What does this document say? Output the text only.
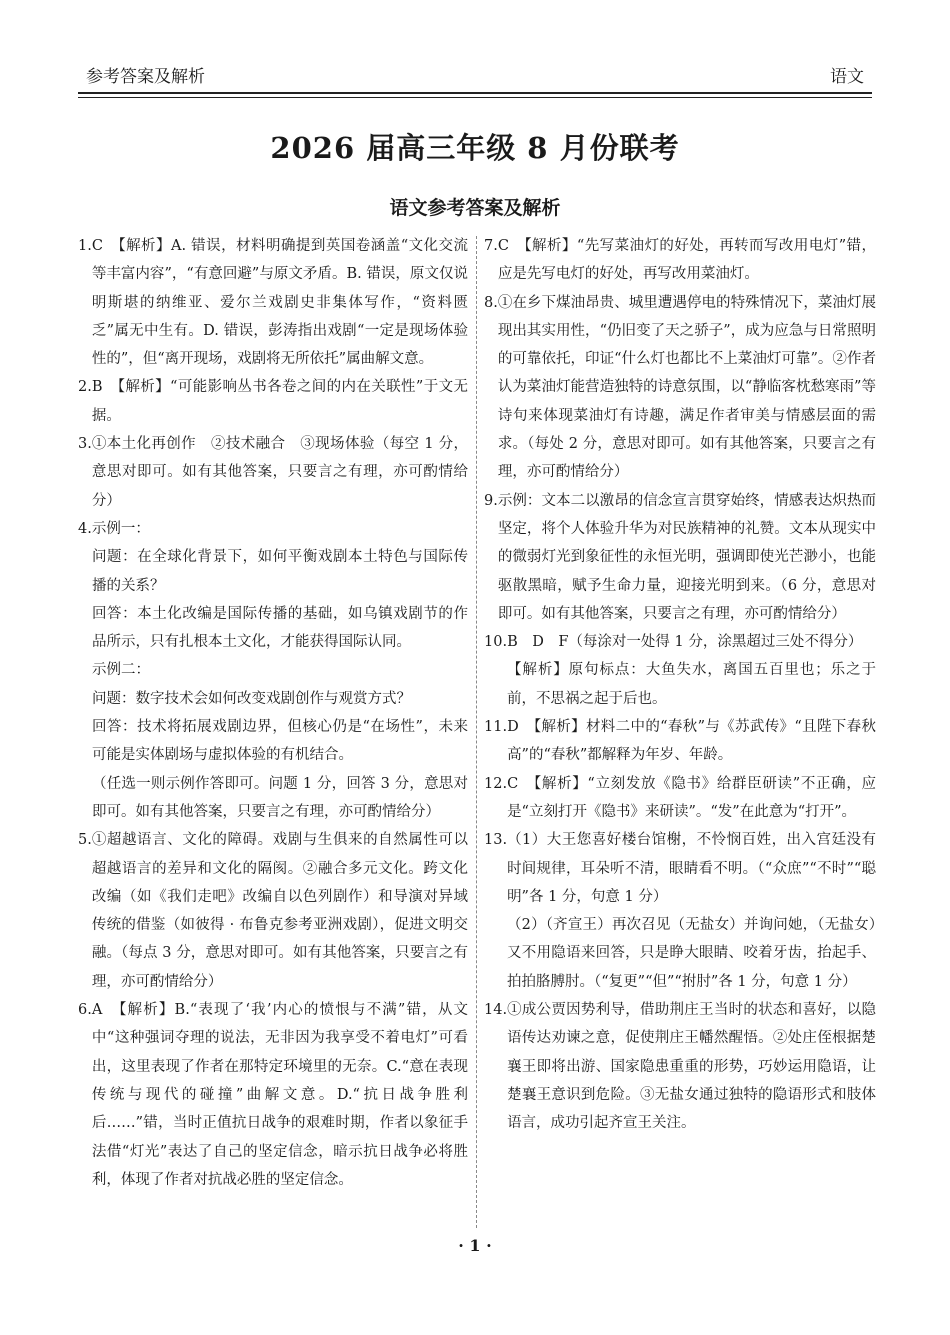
参考答案及解析	语文
2026 届高三年级 8 月份联考
语文参考答案及解析
1. C　【解析】A. 错误，材料明确提到英国卷涵盖“文化交流等丰富内容”，“有意回避”与原文矛盾。B. 错误，原文仅说明斯堪的纳维亚、爱尔兰戏剧史非集体写作，“资料匮乏”属无中生有。D. 错误，彭涛指出戏剧“一定是现场体验性的”，但“离开现场，戏剧将无所依托”属曲解文意。
2. B　【解析】“可能影响丛书各卷之间的内在关联性”于文无据。
3. ①本土化再创作　②技术融合　③现场体验（每空 1 分，意思对即可。如有其他答案，只要言之有理，亦可酌情给分）
4. 示例一：
问题：在全球化背景下，如何平衡戏剧本土特色与国际传播的关系？
回答：本土化改编是国际传播的基础，如乌镇戏剧节的作品所示，只有扎根本土文化，才能获得国际认同。
示例二：
问题：数字技术会如何改变戏剧创作与观赏方式？
回答：技术将拓展戏剧边界，但核心仍是“在场性”，未来可能是实体剧场与虚拟体验的有机结合。
（任选一则示例作答即可。问题 1 分，回答 3 分，意思对即可。如有其他答案，只要言之有理，亦可酌情给分）
5. ①超越语言、文化的障碍。戏剧与生俱来的自然属性可以超越语言的差异和文化的隔阂。②融合多元文化。跨文化改编（如《我们走吧》改编自以色列剧作）和导演对异域传统的借鉴（如彼得 · 布鲁克参考亚洲戏剧），促进文明交融。（每点 3 分，意思对即可。如有其他答案，只要言之有理，亦可酌情给分）
6. A　【解析】B.“表现了‘我’内心的愤恨与不满”错，从文中“这种强词夺理的说法，无非因为我享受不着电灯”可看出，这里表现了作者在那特定环境里的无奈。C.“意在表现传统与现代的碰撞”曲解文意。D.“抗日战争胜利后……”错，当时正值抗日战争的艰难时期，作者以象征手法借“灯光”表达了自己的坚定信念，暗示抗日战争必将胜利，体现了作者对抗战必胜的坚定信念。
7. C　【解析】“先写菜油灯的好处，再转而写改用电灯”错，应是先写电灯的好处，再写改用菜油灯。
8. ①在乡下煤油昂贵、城里遭遇停电的特殊情况下，菜油灯展现出其实用性，“仍旧变了天之骄子”，成为应急与日常照明的可靠依托，印证“什么灯也都比不上菜油灯可靠”。②作者认为菜油灯能营造独特的诗意氛围，以“静临客枕愁寒雨”等诗句来体现菜油灯有诗趣，满足作者审美与情感层面的需求。（每处 2 分，意思对即可。如有其他答案，只要言之有理，亦可酌情给分）
9. 示例：文本二以激昂的信念宣言贯穿始终，情感表达炽热而坚定，将个人体验升华为对民族精神的礼赞。文本从现实中的微弱灯光到象征性的永恒光明，强调即使光芒渺小，也能驱散黑暗，赋予生命力量，迎接光明到来。（6 分，意思对即可。如有其他答案，只要言之有理，亦可酌情给分）
10. B　D　F（每涂对一处得 1 分，涂黑超过三处不得分）
【解析】原句标点：大鱼失水，离国五百里也；乐之于前，不思祸之起于后也。
11. D　【解析】材料二中的“春秋”与《苏武传》“且陛下春秋高”的“春秋”都解释为年岁、年龄。
12. C　【解析】“立刻发放《隐书》给群臣研读”不正确，应是“立刻打开《隐书》来研读”。“发”在此意为“打开”。
13. （1）大王您喜好楼台馆榭，不怜悯百姓，出入宫廷没有时间规律，耳朵听不清，眼睛看不明。（“众庶”“不时”“聪明”各 1 分，句意 1 分）
（2）（齐宣王）再次召见（无盐女）并询问她，（无盐女）又不用隐语来回答，只是睁大眼睛、咬着牙齿，抬起手、拍拍胳膊肘。（“复更”“但”“拊肘”各 1 分，句意 1 分）
14. ①成公贾因势利导，借助荆庄王当时的状态和喜好，以隐语传达劝谏之意，促使荆庄王幡然醒悟。②处庄侄根据楚襄王即将出游、国家隐患重重的形势，巧妙运用隐语，让楚襄王意识到危险。③无盐女通过独特的隐语形式和肢体语言，成功引起齐宣王关注。
· 1 ·
